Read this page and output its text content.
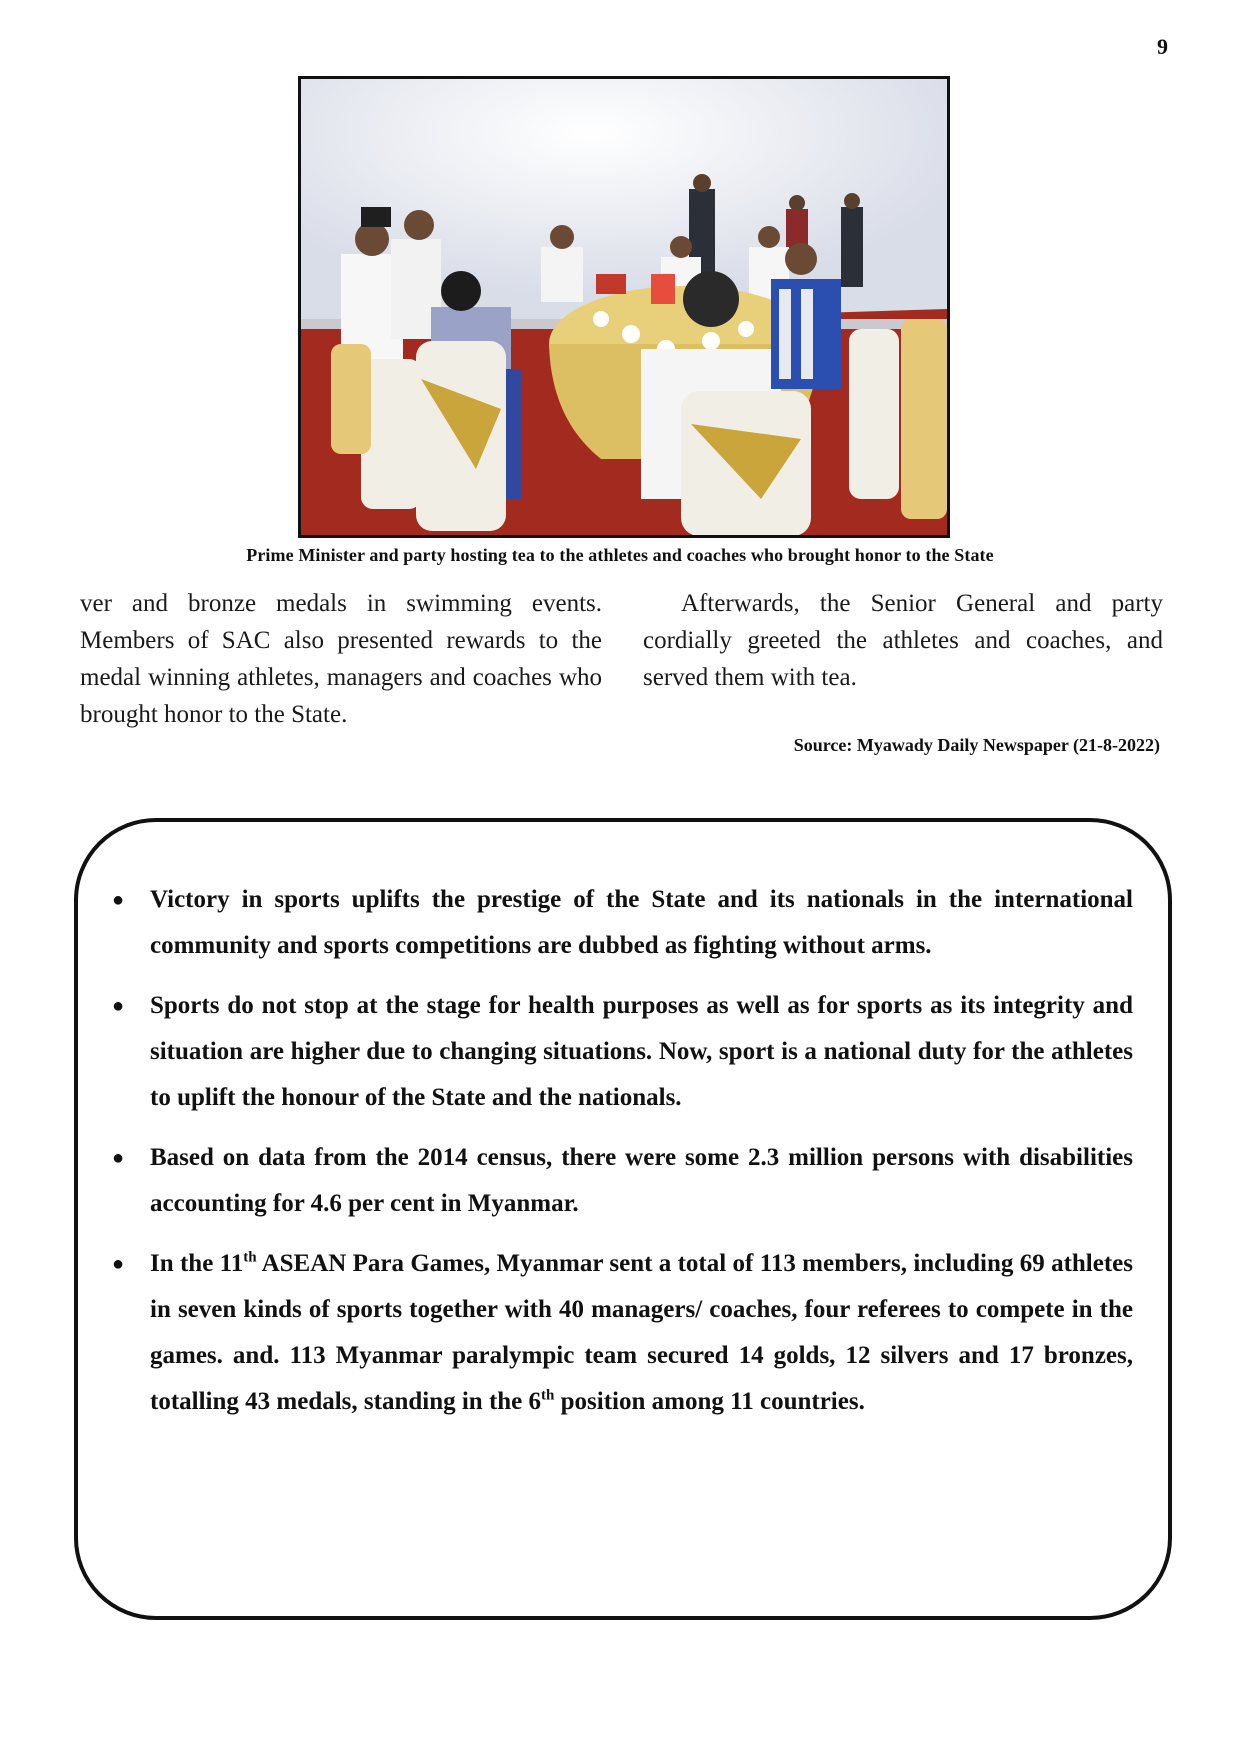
9
Prime Minister and party hosting tea to the athletes and coaches who brought honor to the State

ver and bronze medals in swimming events. Members of SAC also presented rewards to the medal winning athletes, managers and coaches who brought honor to the State.

Afterwards, the Senior General and party cordially greeted the athletes and coaches, and served them with tea.

Source: Myawady Daily Newspaper (21-8-2022)
● Victory in sports uplifts the prestige of the State and its nationals in the international community and sports competitions are dubbed as fighting without arms.
● Sports do not stop at the stage for health purposes as well as for sports as its integrity and situation are higher due to changing situations. Now, sport is a national duty for the athletes to uplift the honour of the State and the nationals.
● Based on data from the 2014 census, there were some 2.3 million persons with disabilities accounting for 4.6 per cent in Myanmar.
● In the 11th ASEAN Para Games, Myanmar sent a total of 113 members, including 69 athletes in seven kinds of sports together with 40 managers/ coaches, four referees to compete in the games. and. 113 Myanmar paralympic team secured 14 golds, 12 silvers and 17 bronzes, totalling 43 medals, standing in the 6th position among 11 countries.
